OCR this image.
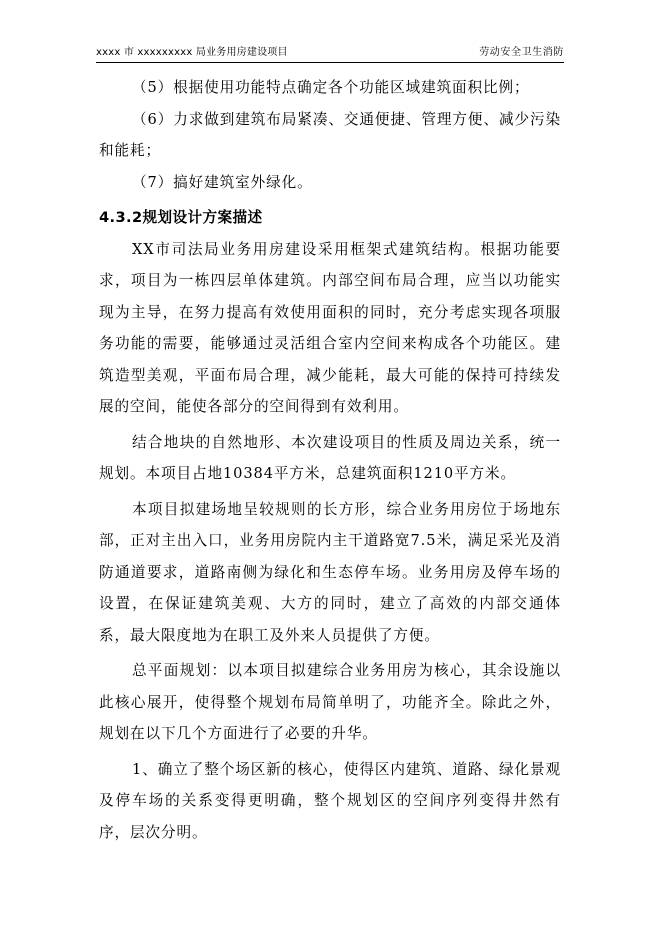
xxxx 市 xxxxxxxxx 局业务用房建设项目	劳动安全卫生消防

（5）根据使用功能特点确定各个功能区域建筑面积比例；

（6）力求做到建筑布局紧凑、交通便捷、管理方便、减少污染和能耗；

（7）搞好建筑室外绿化。

4.3.2规划设计方案描述

XX市司法局业务用房建设采用框架式建筑结构。根据功能要求，项目为一栋四层单体建筑。内部空间布局合理，应当以功能实现为主导，在努力提高有效使用面积的同时，充分考虑实现各项服务功能的需要，能够通过灵活组合室内空间来构成各个功能区。建筑造型美观，平面布局合理，减少能耗，最大可能的保持可持续发展的空间，能使各部分的空间得到有效利用。

结合地块的自然地形、本次建设项目的性质及周边关系，统一规划。本项目占地10384平方米，总建筑面积1210平方米。

本项目拟建场地呈较规则的长方形，综合业务用房位于场地东部，正对主出入口，业务用房院内主干道路宽7.5米，满足采光及消防通道要求，道路南侧为绿化和生态停车场。业务用房及停车场的设置，在保证建筑美观、大方的同时，建立了高效的内部交通体系，最大限度地为在职工及外来人员提供了方便。

总平面规划：以本项目拟建综合业务用房为核心，其余设施以此核心展开，使得整个规划布局简单明了，功能齐全。除此之外，规划在以下几个方面进行了必要的升华。

1、确立了整个场区新的核心，使得区内建筑、道路、绿化景观及停车场的关系变得更明确，整个规划区的空间序列变得井然有序，层次分明。
